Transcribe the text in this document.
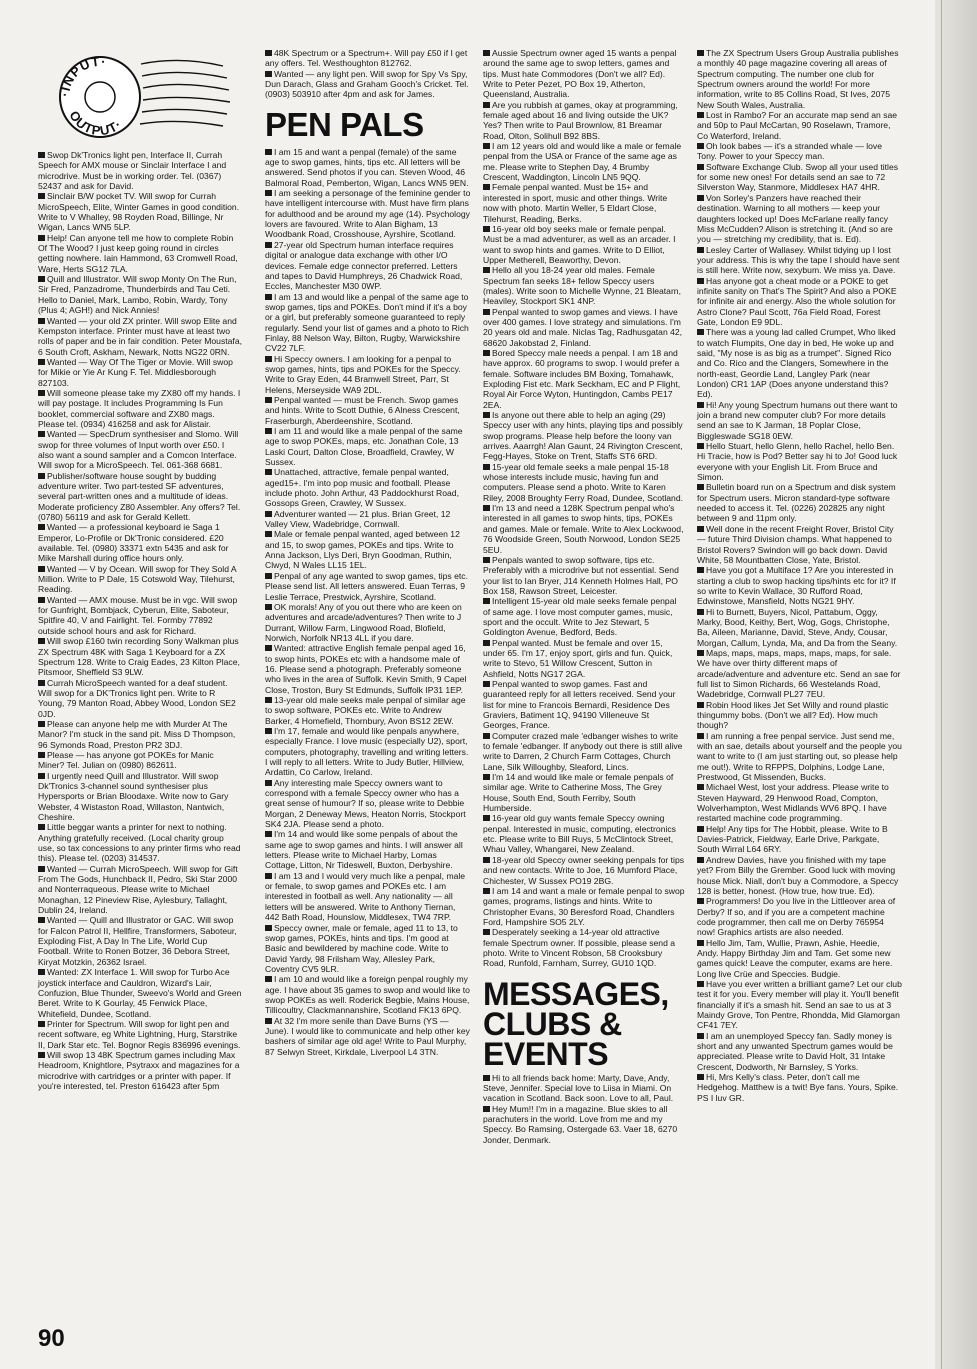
·INPUT·
OUTPUT·

Swop Dk'Tronics light pen, Interface II, Currah Speech for AMX mouse or Sinclair Interface I and microdrive. Must be in working order. Tel. (0367) 52437 and ask for David.

Sinclair B/W pocket TV. Will swop for Currah MicroSpeech, Elite, Winter Games in good condition. Write to V Whalley, 98 Royden Road, Billinge, Nr Wigan, Lancs WN5 5LP.

Help! Can anyone tell me how to complete Robin Of The Wood? I just keep going round in circles getting nowhere. Iain Hammond, 63 Cromwell Road, Ware, Herts SG12 7LA.

Quill and Illustrator. Will swop Monty On The Run, Sir Fred, Panzadrome, Thunderbirds and Tau Ceti. Hello to Daniel, Mark, Lambo, Robin, Wardy, Tony (Plus 4; AGH!) and Nick Annies!

Wanted — your old ZX printer. Will swop Elite and Kempston interface. Printer must have at least two rolls of paper and be in fair condition. Peter Moustafa, 6 South Croft, Askham, Newark, Notts NG22 0RN.

Wanted — Way Of The Tiger or Movie. Will swop for Mikie or Yie Ar Kung F. Tel. Middlesborough 827103.

Will someone please take my ZX80 off my hands. I will pay postage. It includes Programming Is Fun booklet, commercial software and ZX80 mags. Please tel. (0934) 416258 and ask for Alistair.

Wanted — SpecDrum synthesiser and Slomo. Will swop for three volumes of Input worth over £50. I also want a sound sampler and a Comcon Interface. Will swop for a MicroSpeech. Tel. 061-368 6681.

Publisher/software house sought by budding adventure writer. Two part-tested SF adventures, several part-written ones and a multitude of ideas. Moderate proficiency Z80 Assembler. Any offers? Tel. (0780) 56119 and ask for Gerald Kellett.

Wanted — a professional keyboard ie Saga 1 Emperor, Lo-Profile or Dk'Tronic considered. £20 available. Tel. (0980) 33371 extn 5435 and ask for Mike Marshall during office hours only.

Wanted — V by Ocean. Will swop for They Sold A Million. Write to P Dale, 15 Cotswold Way, Tilehurst, Reading.

Wanted — AMX mouse. Must be in vgc. Will swop for Gunfright, Bombjack, Cyberun, Elite, Saboteur, Spitfire 40, V and Fairlight. Tel. Formby 77892 outside school hours and ask for Richard.

Will swop £160 twin recording Sony Walkman plus ZX Spectrum 48K with Saga 1 Keyboard for a ZX Spectrum 128. Write to Craig Eades, 23 Kilton Place, Pitsmoor, Sheffield S3 9LW.

Currah MicroSpeech wanted for a deaf student. Will swop for a DK'Tronics light pen. Write to R Young, 79 Manton Road, Abbey Wood, London SE2 0JD.

Please can anyone help me with Murder At The Manor? I'm stuck in the sand pit. Miss D Thompson, 96 Symonds Road, Preston PR2 3DJ.

Please — has anyone got POKEs for Manic Miner? Tel. Julian on (0980) 862611.

I urgently need Quill and Illustrator. Will swop Dk'Tronics 3-channel sound synthesiser plus Hypersports or Brian Bloodaxe. Write now to Gary Webster, 4 Wistaston Road, Willaston, Nantwich, Cheshire.

Little beggar wants a printer for next to nothing. Anything gratefully received. (Local charity group use, so tax concessions to any printer firms who read this). Please tel. (0203) 314537.

Wanted — Currah MicroSpeech. Will swop for Gift From The Gods, Hunchback II, Pedro, Ski Star 2000 and Nonterraqueous. Please write to Michael Monaghan, 12 Pineview Rise, Aylesbury, Tallaght, Dublin 24, Ireland.

Wanted — Quill and Illustrator or GAC. Will swop for Falcon Patrol II, Hellfire, Transformers, Saboteur, Exploding Fist, A Day In The Life, World Cup Football. Write to Ronen Botzer, 36 Debora Street, Kiryat Motzkin, 26362 Israel.

Wanted: ZX Interface 1. Will swop for Turbo Ace joystick interface and Cauldron, Wizard's Lair, Confuzion, Blue Thunder, Sweevo's World and Green Beret. Write to K Gourlay, 45 Fenwick Place, Whitefield, Dundee, Scotland.

Printer for Spectrum. Will swop for light pen and recent software, eg White Lightning, Hurg, Starstrike II, Dark Star etc. Tel. Bognor Regis 836996 evenings.

Will swop 13 48K Spectrum games including Max Headroom, Knightlore, Psytraxx and magazines for a microdrive with cartridges or a printer with paper. If you're interested, tel. Preston 616423 after 5pm

48K Spectrum or a Spectrum+. Will pay £50 if I get any offers. Tel. Westhoughton 812762.

Wanted — any light pen. Will swop for Spy Vs Spy, Dun Darach, Glass and Graham Gooch's Cricket. Tel. (0903) 503910 after 4pm and ask for James.

PEN PALS

I am 15 and want a penpal (female) of the same age to swop games, hints, tips etc. All letters will be answered. Send photos if you can. Steven Wood, 46 Balmoral Road, Pemberton, Wigan, Lancs WN5 9EN.

I am seeking a personage of the feminine gender to have intelligent intercourse with. Must have firm plans for adulthood and be around my age (14). Psychology lovers are favoured. Write to Alan Bigham, 13 Woodbank Road, Crosshouse, Ayrshire, Scotland.

27-year old Spectrum human interface requires digital or analogue data exchange with other I/O devices. Female edge connector preferred. Letters and tapes to David Humphreys, 26 Chadwick Road, Eccles, Manchester M30 0WP.

I am 13 and would like a penpal of the same age to swop games, tips and POKEs. Don't mind if it's a boy or a girl, but preferably someone guaranteed to reply regularly. Send your list of games and a photo to Rich Finlay, 88 Nelson Way, Bilton, Rugby, Warwickshire CV22 7LF.

Hi Speccy owners. I am looking for a penpal to swop games, hints, tips and POKEs for the Speccy. Write to Gray Eden, 44 Bramwell Street, Parr, St Helens, Merseyside WA9 2DL.

Penpal wanted — must be French. Swop games and hints. Write to Scott Duthie, 6 Alness Crescent, Fraserburgh, Aberdeenshire, Scotland.

I am 11 and would like a male penpal of the same age to swop POKEs, maps, etc. Jonathan Cole, 13 Laski Court, Dalton Close, Broadfield, Crawley, W Sussex.

Unattached, attractive, female penpal wanted, aged15+. I'm into pop music and football. Please include photo. John Arthur, 43 Paddockhurst Road, Gossops Green, Crawley, W Sussex.

Adventurer wanted — 21 plus. Brian Greet, 12 Valley View, Wadebridge, Cornwall.

Male or female penpal wanted, aged between 12 and 15, to swop games, POKEs and tips. Write to Anna Jackson, Llys Deri, Bryn Goodman, Ruthin, Clwyd, N Wales LL15 1EL.

Penpal of any age wanted to swop games, tips etc. Please send list. All letters answered. Euan Terras, 9 Leslie Terrace, Prestwick, Ayrshire, Scotland.

OK morals! Any of you out there who are keen on adventures and arcade/adventures? Then write to J Durrant, Willow Farm, Lingwood Road, Blofield, Norwich, Norfolk NR13 4LL if you dare.

Wanted: attractive English female penpal aged 16, to swop hints, POKEs etc with a handsome male of 16. Please send a photograph. Preferably someone who lives in the area of Suffolk. Kevin Smith, 9 Capel Close, Troston, Bury St Edmunds, Suffolk IP31 1EP.

13-year old male seeks male penpal of similar age to swop software, POKEs etc. Write to Andrew Barker, 4 Homefield, Thornbury, Avon BS12 2EW.

I'm 17, female and would like penpals anywhere, especially France. I love music (especially U2), sport, computers, photography, travelling and writing letters. I will reply to all letters. Write to Judy Butler, Hillview, Ardattin, Co Carlow, Ireland.

Any interesting male Speccy owners want to correspond with a female Speccy owner who has a great sense of humour? If so, please write to Debbie Morgan, 2 Deneway Mews, Heaton Norris, Stockport SK4 2JA. Please send a photo.

I'm 14 and would like some penpals of about the same age to swop games and hints. I will answer all letters. Please write to Michael Harby, Lomas Cottage, Litton, Nr Tideswell, Buxton, Derbyshire.

I am 13 and I would very much like a penpal, male or female, to swop games and POKEs etc. I am interested in football as well. Any nationality — all letters will be answered. Write to Anthony Tiernan, 442 Bath Road, Hounslow, Middlesex, TW4 7RP.

Speccy owner, male or female, aged 11 to 13, to swop games, POKEs, hints and tips. I'm good at Basic and bewildered by machine code. Write to David Yardy, 98 Frilsham Way, Allesley Park, Coventry CV5 9LR.

I am 10 and would like a foreign penpal roughly my age. I have about 35 games to swop and would like to swop POKEs as well. Roderick Begbie, Mains House, Tillicoultry, Clackmannanshire, Scotland FK13 6PQ.

At 32 I'm more senile than Dave Burns (YS — June). I would like to communicate and help other key bashers of similar age old age! Write to Paul Murphy, 87 Selwyn Street, Kirkdale, Liverpool L4 3TN.

Aussie Spectrum owner aged 15 wants a penpal around the same age to swop letters, games and tips. Must hate Commodores (Don't we all? Ed). Write to Peter Pezet, PO Box 19, Atherton, Queensland, Australia.

Are you rubbish at games, okay at programming, female aged about 16 and living outside the UK? Yes? Then write to Paul Brownlow, 81 Breamar Road, Olton, Solihull B92 8BS.

I am 12 years old and would like a male or female penpal from the USA or France of the same age as me. Please write to Stephen Day, 4 Brumby Crescent, Waddington, Lincoln LN5 9QQ.

Female penpal wanted. Must be 15+ and interested in sport, music and other things. Write now with photo. Martin Weller, 5 Eldart Close, Tilehurst, Reading, Berks.

16-year old boy seeks male or female penpal. Must be a mad adventurer, as well as an arcader. I want to swop hints and games. Write to D Elliot, Upper Metherell, Beaworthy, Devon.

Hello all you 18-24 year old males. Female Spectrum fan seeks 18+ fellow Speccy users (males). Write soon to Michelle Wynne, 21 Bleatarn, Heaviley, Stockport SK1 4NP.

Penpal wanted to swop games and views. I have over 400 games. I love strategy and simulations. I'm 20 years old and male. Niclas Tag, Radhusgatan 42, 68620 Jakobstad 2, Finland.

Bored Speccy male needs a penpal. I am 18 and have approx. 60 programs to swop. I would prefer a female. Software includes BM Boxing, Tomahawk, Exploding Fist etc. Mark Seckham, EC and P Flight, Royal Air Force Wyton, Huntingdon, Cambs PE17 2EA.

Is anyone out there able to help an aging (29) Speccy user with any hints, playing tips and possibly swop programs. Please help before the loony van arrives. Aaarrgh! Alan Gaunt, 24 Rivington Crescent, Fegg-Hayes, Stoke on Trent, Staffs ST6 6RD.

15-year old female seeks a male penpal 15-18 whose interests include music, having fun and computers. Please send a photo. Write to Karen Riley, 2008 Broughty Ferry Road, Dundee, Scotland.

I'm 13 and need a 128K Spectrum penpal who's interested in all games to swop hints, tips, POKEs and games. Male or female. Write to Alex Lockwood, 76 Woodside Green, South Norwood, London SE25 5EU.

Penpals wanted to swop software, tips etc. Preferably with a microdrive but not essential. Send your list to Ian Bryer, J14 Kenneth Holmes Hall, PO Box 158, Rawson Street, Leicester.

Intelligent 15-year old male seeks female penpal of same age. I love most computer games, music, sport and the occult. Write to Jez Stewart, 5 Goldington Avenue, Bedford, Beds.

Penpal wanted. Must be female and over 15, under 65. I'm 17, enjoy sport, girls and fun. Quick, write to Stevo, 51 Willow Crescent, Sutton in Ashfield, Notts NG17 2GA.

Penpal wanted to swop games. Fast and guaranteed reply for all letters received. Send your list for mine to Francois Bernardi, Residence Des Graviers, Batiment 1Q, 94190 Villeneuve St Georges, France.

Computer crazed male 'edbanger wishes to write to female 'edbanger. If anybody out there is still alive write to Darren, 2 Church Farm Cottages, Church Lane, Silk Willoughby, Sleaford, Lincs.

I'm 14 and would like male or female penpals of similar age. Write to Catherine Moss, The Grey House, South End, South Ferriby, South Humberside.

16-year old guy wants female Speccy owning penpal. Interested in music, computing, electronics etc. Please write to Bill Ruys, 5 McClintock Street, Whau Valley, Whangarei, New Zealand.

18-year old Speccy owner seeking penpals for tips and new contacts. Write to Joe, 16 Mumford Place, Chichester, W Sussex PO19 2BG.

I am 14 and want a male or female penpal to swop games, programs, listings and hints. Write to Christopher Evans, 30 Beresford Road, Chandlers Ford, Hampshire SO5 2LY.

Desperately seeking a 14-year old attractive female Spectrum owner. If possible, please send a photo. Write to Vincent Robson, 58 Crooksbury Road, Runfold, Farnham, Surrey, GU10 1QD.

MESSAGES,
CLUBS &
EVENTS

Hi to all friends back home: Marty, Dave, Andy, Steve, Jennifer. Special love to Liisa in Miami. On vacation in Scotland. Back soon. Love to all, Paul.

Hey Mum!! I'm in a magazine. Blue skies to all parachuters in the world. Love from me and my Speccy. Bo Ramsing, Ostergade 63. Vaer 18, 6270 Jonder, Denmark.

The ZX Spectrum Users Group Australia publishes a monthly 40 page magazine covering all areas of Spectrum computing. The number one club for Spectrum owners around the world! For more information, write to 85 Collins Road, St Ives, 2075 New South Wales, Australia.

Lost in Rambo? For an accurate map send an sae and 50p to Paul McCartan, 90 Roselawn, Tramore, Co Waterford, Ireland.

Oh look babes — it's a stranded whale — love Tony. Power to your Speccy man.

Software Exchange Club. Swop all your used titles for some new ones! For details send an sae to 72 Silverston Way, Stanmore, Middlesex HA7 4HR.

Von Sorley's Panzers have reached their destination. Warning to all mothers — keep your daughters locked up! Does McFarlane really fancy Miss McCudden? Alison is stretching it. (And so are you — stretching my credibility, that is. Ed).

Lesley Carter of Wallasey. Whilst tidying up I lost your address. This is why the tape I should have sent is still here. Write now, sexybum. We miss ya. Dave.

Has anyone got a cheat mode or a POKE to get infinite sanity on That's The Spirit? And also a POKE for infinite air and energy. Also the whole solution for Astro Clone? Paul Scott, 76a Field Road, Forest Gate, London E9 9DL.

There was a young lad called Crumpet, Who liked to watch Flumpits, One day in bed, He woke up and said, "My nose is as big as a trumpet". Signed Rico and Co. Rico and the Clangers, Somewhere in the north-east, Geordie Land, Langley Park (near London) CR1 1AP (Does anyone understand this? Ed).

Hi! Any young Spectrum humans out there want to join a brand new computer club? For more details send an sae to K Jarman, 18 Poplar Close, Biggleswade SG18 0EW.

Hello Stuart, hello Glenn, hello Rachel, hello Ben. Hi Tracie, how is Pod? Better say hi to Jo! Good luck everyone with your English Lit. From Bruce and Simon.

Bulletin board run on a Spectrum and disk system for Spectrum users. Micron standard-type software needed to access it. Tel. (0226) 202825 any night between 9 and 11pm only.

Well done in the recent Freight Rover, Bristol City — future Third Division champs. What happened to Bristol Rovers? Swindon will go back down. David White, 58 Mountbatten Close, Yate, Bristol.

Have you got a Multiface 1? Are you interested in starting a club to swop hacking tips/hints etc for it? If so write to Kevin Wallace, 30 Rufford Road, Edwinstowe, Mansfield, Notts NG21 9HY.

Hi to Burnett, Buyers, Nicol, Pattabum, Oggy, Marky, Bood, Keithy, Bert, Wog, Gogs, Christophe, Ba, Aileen, Marianne, David, Steve, Andy, Cousar, Morgan, Callum, Lynda, Ma, and Da from the Seany.

Maps, maps, maps, maps, maps, maps, for sale. We have over thirty different maps of arcade/adventure and adventure etc. Send an sae for full list to Simon Richards, 66 Westelands Road, Wadebridge, Cornwall PL27 7EU.

Robin Hood likes Jet Set Willy and round plastic thingummy bobs. (Don't we all? Ed). How much though?

I am running a free penpal service. Just send me, with an sae, details about yourself and the people you want to write to (I am just starting out, so please help me out!). Write to RFPPS, Dolphins, Lodge Lane, Prestwood, Gt Missenden, Bucks.

Michael West, lost your address. Please write to Steven Hayward, 29 Henwood Road, Compton, Wolverhampton, West Midlands WV6 8PQ. I have restarted machine code programming.

Help! Any tips for The Hobbit, please. Write to B Davies-Patrick, Fieldway, Earle Drive, Parkgate, South Wirral L64 6RY.

Andrew Davies, have you finished with my tape yet? From Billy the Grember. Good luck with moving house Mick. Niall, don't buy a Commodore, a Speccy 128 is better, honest. (How true, how true. Ed).

Programmers! Do you live in the Littleover area of Derby? If so, and if you are a competent machine code programmer, then call me on Derby 765954 now! Graphics artists are also needed.

Hello Jim, Tam, Wullie, Prawn, Ashie, Heedie, Andy. Happy Birthday Jim and Tam. Get some new games quick! Leave the computer, exams are here. Long live Crüe and Speccies. Budgie.

Have you ever written a brilliant game? Let our club test it for you. Every member will play it. You'll benefit financially if it's a smash hit. Send an sae to us at 3 Maindy Grove, Ton Pentre, Rhondda, Mid Glamorgan CF41 7EY.

I am an unemployed Speccy fan. Sadly money is short and any unwanted Spectrum games would be appreciated. Please write to David Holt, 31 Intake Crescent, Dodworth, Nr Barnsley, S Yorks.

Hi, Mrs Kelly's class. Peter, don't call me Hedgehog. Matthew is a twit! Bye fans. Yours, Spike. PS I luv GR.

90
